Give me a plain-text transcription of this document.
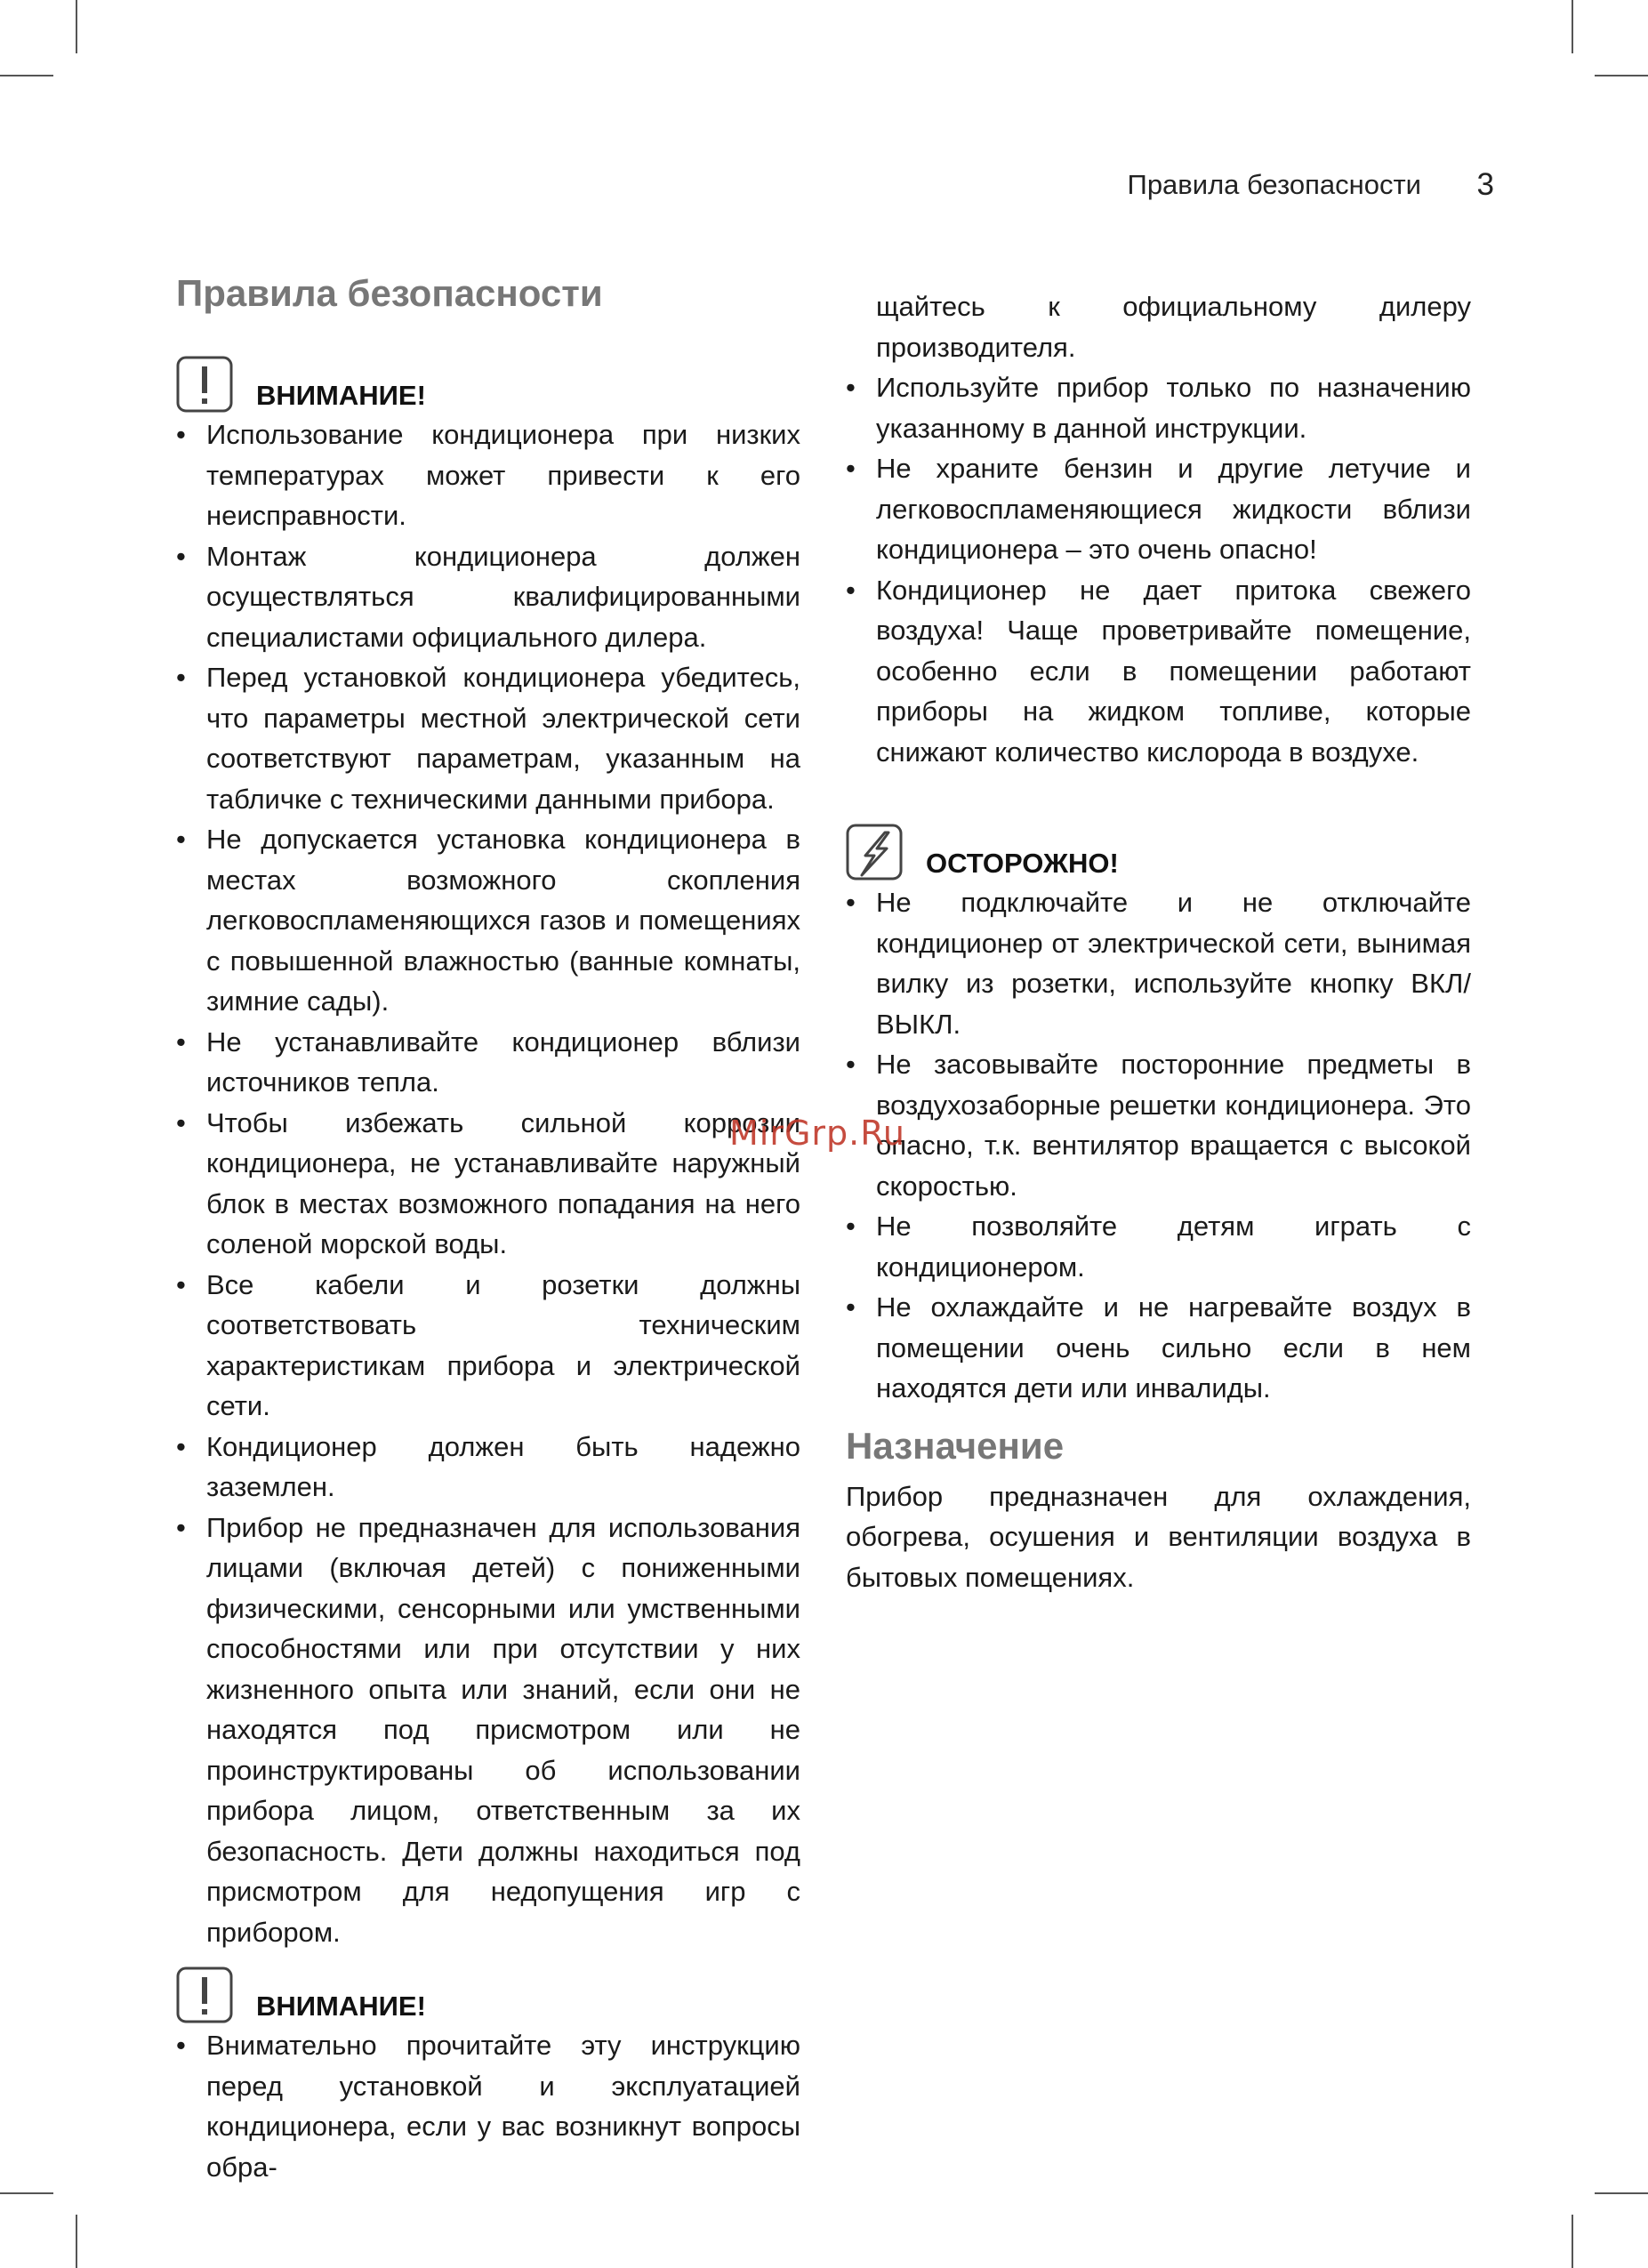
Правила безопасности 3
Правила безопасности
ВНИМАНИЕ!
• Использование кондиционера при низких температурах может привести к его неисправности.
• Монтаж кондиционера должен осуществляться квалифицированными специалистами официального дилера.
• Перед установкой кондиционера убедитесь, что параметры местной электрической сети соответствуют параметрам, указанным на табличке с техническими данными прибора.
• Не допускается установка кондиционера в местах возможного скопления легковоспламеняющихся газов и помещениях с повышенной влажностью (ванные комнаты, зимние сады).
• Не устанавливайте кондиционер вблизи источников тепла.
• Чтобы избежать сильной коррозии кондиционера, не устанавливайте наружный блок в местах возможного попадания на него соленой морской воды.
• Все кабели и розетки должны соответствовать техническим характеристикам прибора и электрической сети.
• Кондиционер должен быть надежно заземлен.
• Прибор не предназначен для использования лицами (включая детей) с пониженными физическими, сенсорными или умственными способностями или при отсутствии у них жизненного опыта или знаний, если они не находятся под присмотром или не проинструктированы об использовании прибора лицом, ответственным за их безопасность. Дети должны находиться под присмотром для недопущения игр с прибором.
ВНИМАНИЕ!
• Внимательно прочитайте эту инструкцию перед установкой и эксплуатацией кондиционера, если у вас возникнут вопросы обра-
щайтесь к официальному дилеру производителя.
• Используйте прибор только по назначению указанному в данной инструкции.
• Не храните бензин и другие летучие и легковоспламеняющиеся жидкости вблизи кондиционера – это очень опасно!
• Кондиционер не дает притока свежего воздуха! Чаще проветривайте помещение, особенно если в помещении работают приборы на жидком топливе, которые снижают количество кислорода в воздухе.
ОСТОРОЖНО!
• Не подключайте и не отключайте кондиционер от электрической сети, вынимая вилку из розетки, используйте кнопку ВКЛ/ВЫКЛ.
• Не засовывайте посторонние предметы в воздухозаборные решетки кондиционера. Это опасно, т.к. вентилятор вращается с высокой скоростью.
• Не позволяйте детям играть с кондиционером.
• Не охлаждайте и не нагревайте воздух в помещении очень сильно если в нем находятся дети или инвалиды.
Назначение
Прибор предназначен для охлаждения, обогрева, осушения и вентиляции воздуха в бытовых помещениях.
MirGrp.Ru
